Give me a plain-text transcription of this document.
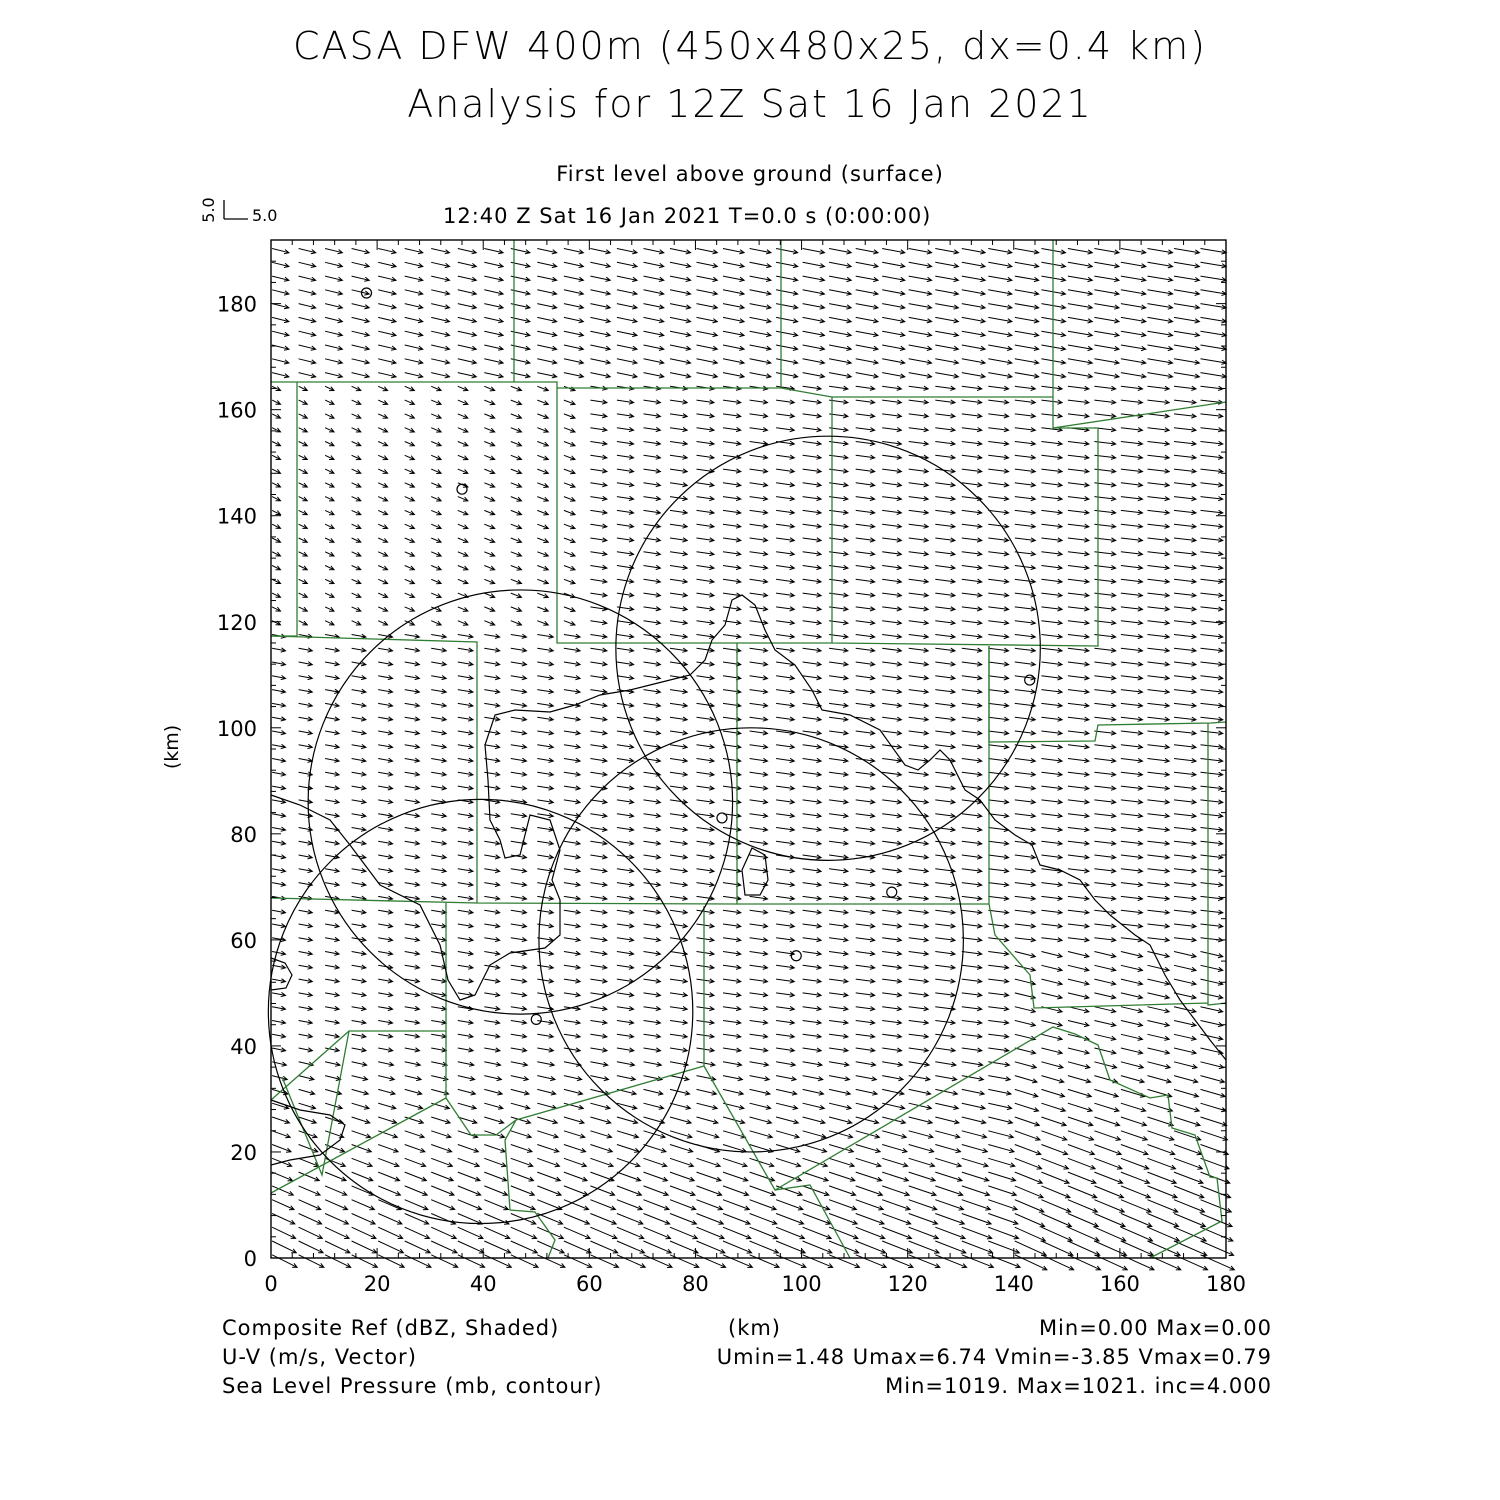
CASA DFW 400m (450x480x25, dx=0.4 km)
Analysis for 12Z Sat 16 Jan 2021
First level above ground (surface)
12:40 Z Sat 16 Jan 2021 T=0.0 s (0:00:00)
Composite Ref (dBZ, Shaded)
U-V (m/s, Vector)
Sea Level Pressure (mb, contour)
(km)	Min=0.00 Max=0.00
Umin=1.48 Umax=6.74 Vmin=-3.85 Vmax=0.79
Min=1019. Max=1021. inc=4.000
0	20	40	60	80	100	120	140	160	180
0
20
40
60
80
100
120
140
160
180
(km)
5.0
5.0
